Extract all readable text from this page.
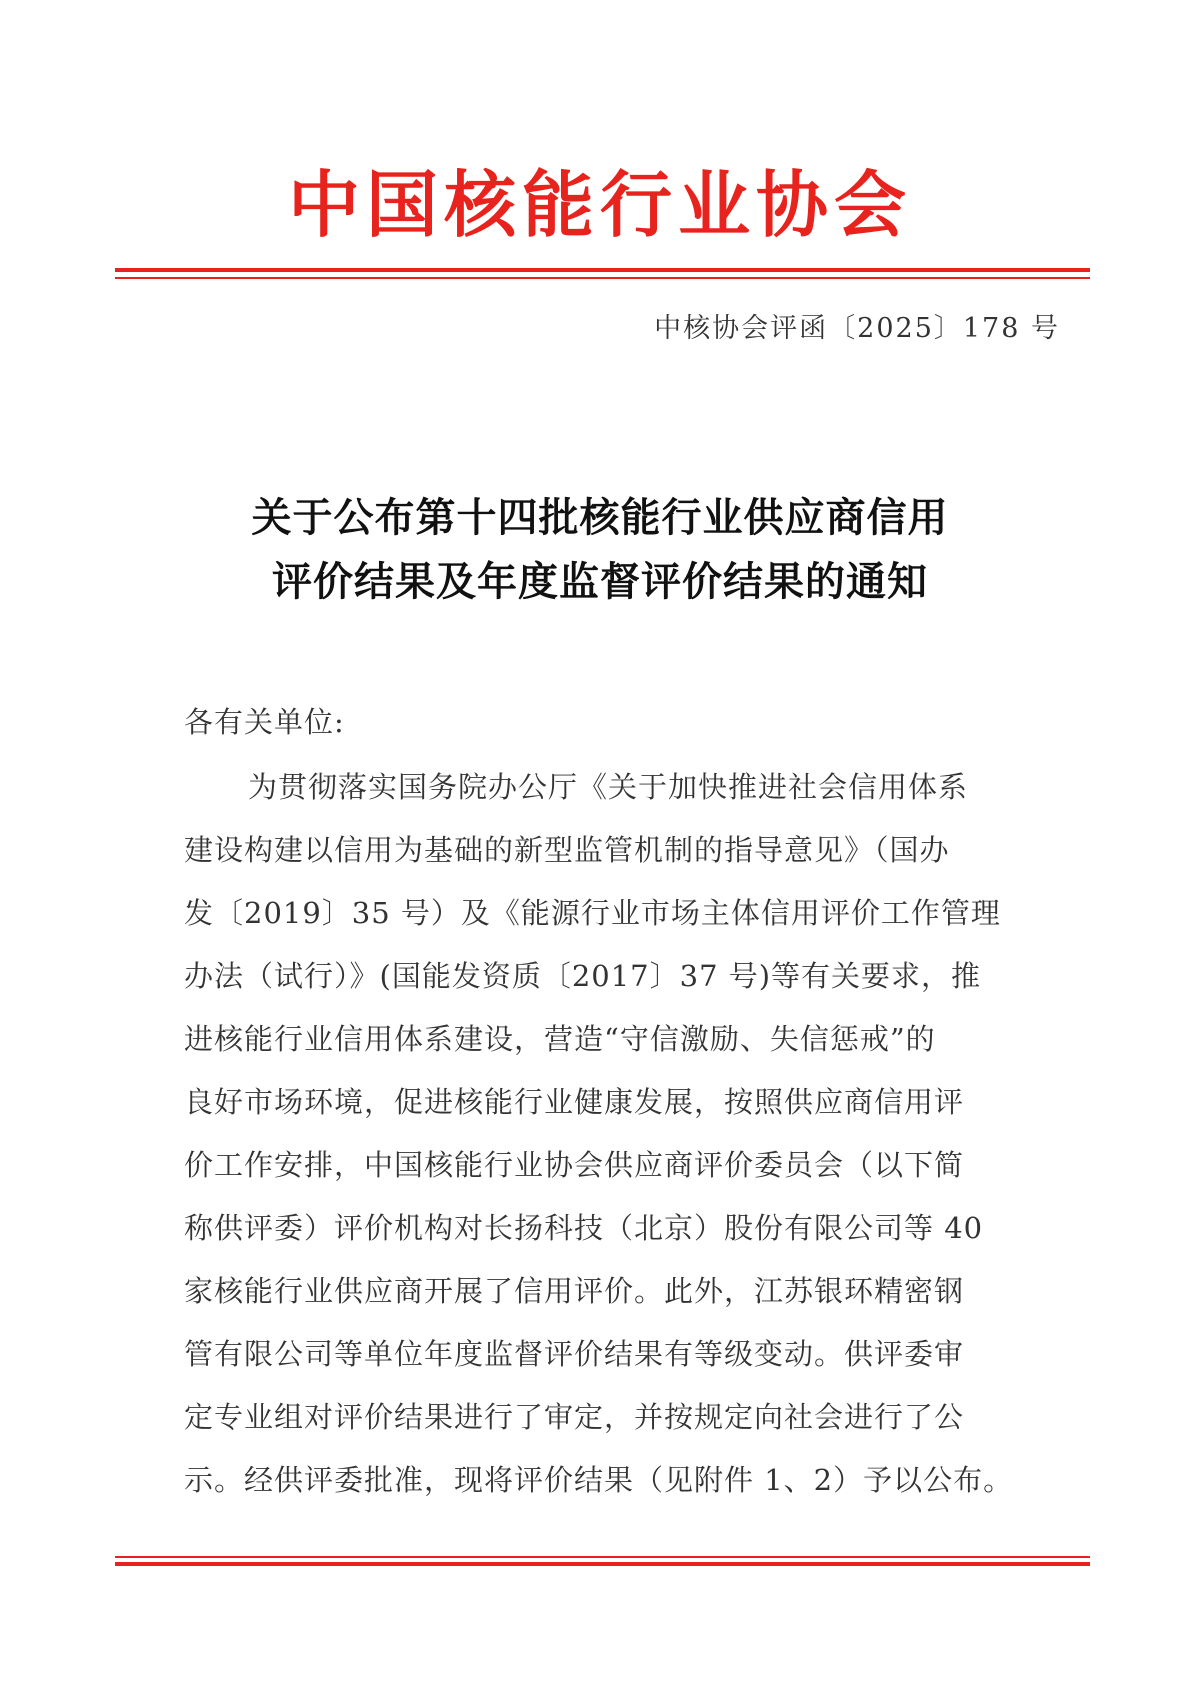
中国核能行业协会
中核协会评函〔2025〕178 号
关于公布第十四批核能行业供应商信用
评价结果及年度监督评价结果的通知
各有关单位:
为贯彻落实国务院办公厅《关于加快推进社会信用体系
建设构建以信用为基础的新型监管机制的指导意见》（国办
发〔2019〕35 号）及《能源行业市场主体信用评价工作管理
办法（试行）》(国能发资质〔2017〕37 号)等有关要求，推
进核能行业信用体系建设，营造“守信激励、失信惩戒”的
良好市场环境，促进核能行业健康发展，按照供应商信用评
价工作安排，中国核能行业协会供应商评价委员会（以下简
称供评委）评价机构对长扬科技（北京）股份有限公司等 40
家核能行业供应商开展了信用评价。此外，江苏银环精密钢
管有限公司等单位年度监督评价结果有等级变动。供评委审
定专业组对评价结果进行了审定，并按规定向社会进行了公
示。经供评委批准，现将评价结果（见附件 1、2）予以公布。
